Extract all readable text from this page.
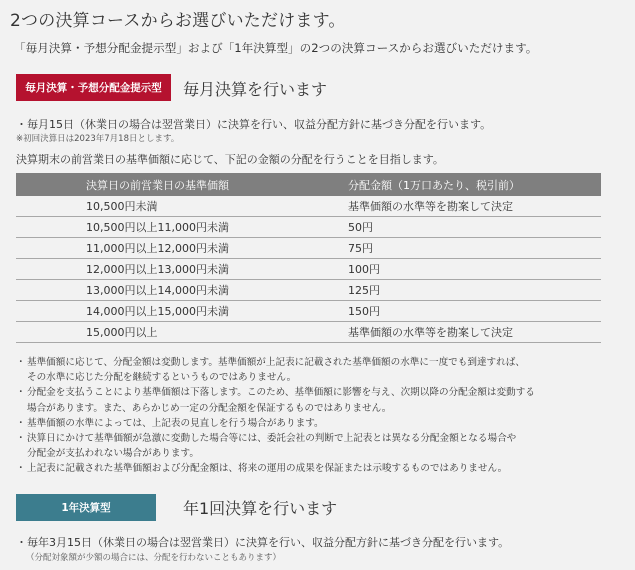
2つの決算コースからお選びいただけます。
「毎月決算・予想分配金提示型」および「1年決算型」の2つの決算コースからお選びいただけます。
毎月決算・予想分配金提示型	毎月決算を行います
・毎月15日（休業日の場合は翌営業日）に決算を行い、収益分配方針に基づき分配を行います。
※初回決算日は2023年7月18日とします。
決算期末の前営業日の基準価額に応じて、下記の金額の分配を行うことを目指します。
決算日の前営業日の基準価額	分配金額（1万口あたり、税引前）
10,500円未満	基準価額の水準等を勘案して決定
10,500円以上11,000円未満	50円
11,000円以上12,000円未満	75円
12,000円以上13,000円未満	100円
13,000円以上14,000円未満	125円
14,000円以上15,000円未満	150円
15,000円以上	基準価額の水準等を勘案して決定
・ 基準価額に応じて、分配金額は変動します。基準価額が上記表に記載された基準価額の水準に一度でも到達すれば、
その水準に応じた分配を継続するというものではありません。
・ 分配金を支払うことにより基準価額は下落します。このため、基準価額に影響を与え、次期以降の分配金額は変動する
場合があります。また、あらかじめ一定の分配金額を保証するものではありません。
・ 基準価額の水準によっては、上記表の見直しを行う場合があります。
・ 決算日にかけて基準価額が急激に変動した場合等には、委託会社の判断で上記表とは異なる分配金額となる場合や
分配金が支払われない場合があります。
・ 上記表に記載された基準価額および分配金額は、将来の運用の成果を保証または示唆するものではありません。
1年決算型	年1回決算を行います
・毎年3月15日（休業日の場合は翌営業日）に決算を行い、収益分配方針に基づき分配を行います。
（分配対象額が少額の場合には、分配を行わないこともあります）
